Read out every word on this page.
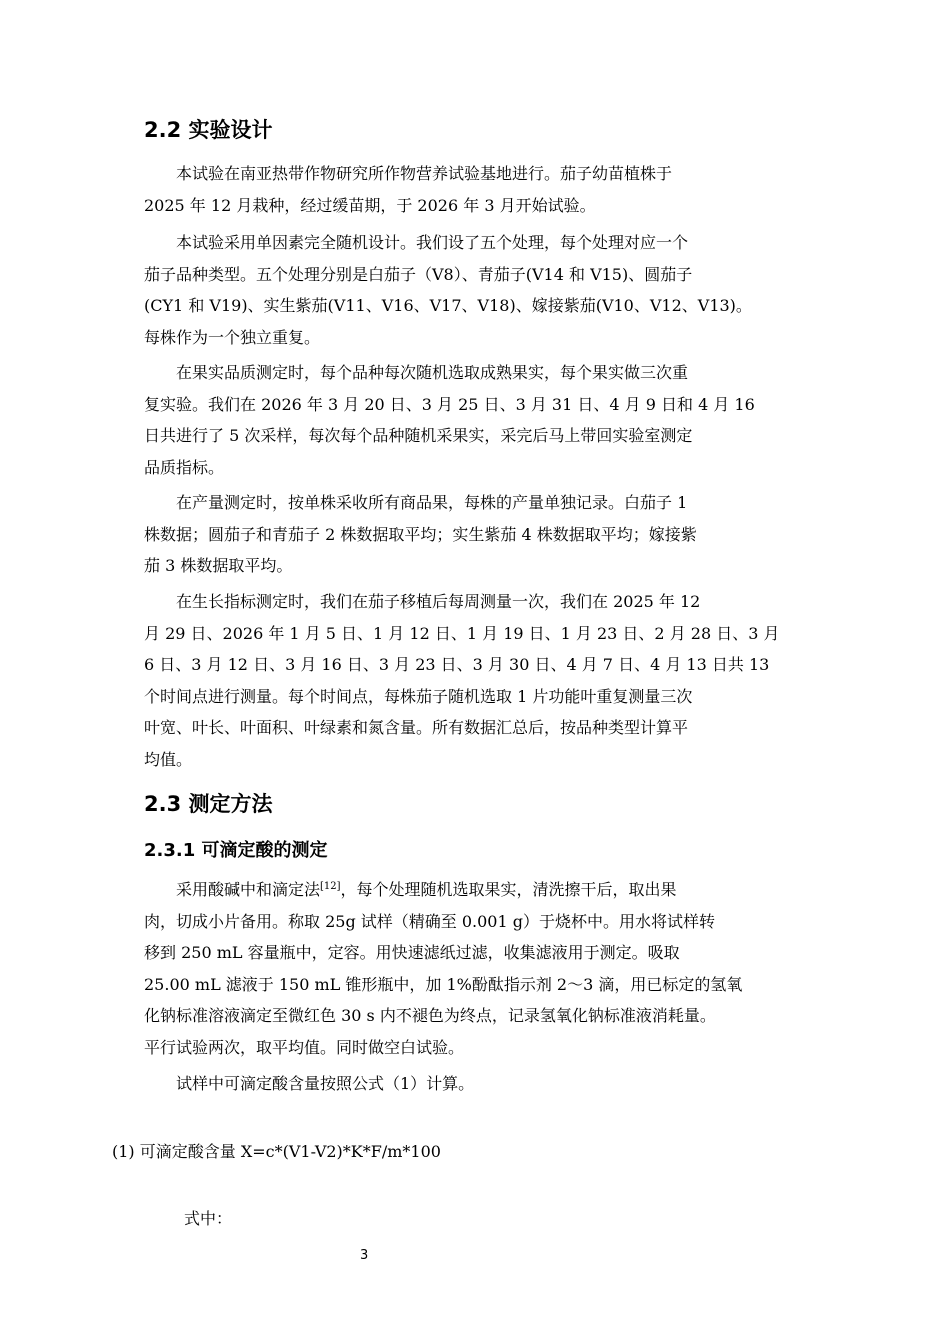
2.2 实验设计
　　本试验在南亚热带作物研究所作物营养试验基地进行。茄子幼苗植株于
2025 年 12 月栽种，经过缓苗期，于 2026 年 3 月开始试验。
　　本试验采用单因素完全随机设计。我们设了五个处理，每个处理对应一个
茄子品种类型。五个处理分别是白茄子（V8）、青茄子(V14 和 V15)、圆茄子
(CY1 和 V19)、实生紫茄(V11、V16、V17、V18)、嫁接紫茄(V10、V12、V13)。
每株作为一个独立重复。
　　在果实品质测定时，每个品种每次随机选取成熟果实，每个果实做三次重
复实验。我们在 2026 年 3 月 20 日、3 月 25 日、3 月 31 日、4 月 9 日和 4 月 16
日共进行了 5 次采样，每次每个品种随机采果实，采完后马上带回实验室测定
品质指标。
　　在产量测定时，按单株采收所有商品果，每株的产量单独记录。白茄子 1
株数据；圆茄子和青茄子 2 株数据取平均；实生紫茄 4 株数据取平均；嫁接紫
茄 3 株数据取平均。
　　在生长指标测定时，我们在茄子移植后每周测量一次，我们在 2025 年 12
月 29 日、2026 年 1 月 5 日、1 月 12 日、1 月 19 日、1 月 23 日、2 月 28 日、3 月
6 日、3 月 12 日、3 月 16 日、3 月 23 日、3 月 30 日、4 月 7 日、4 月 13 日共 13
个时间点进行测量。每个时间点，每株茄子随机选取 1 片功能叶重复测量三次
叶宽、叶长、叶面积、叶绿素和氮含量。所有数据汇总后，按品种类型计算平
均值。
2.3 测定方法
2.3.1 可滴定酸的测定
　　采用酸碱中和滴定法[12]，每个处理随机选取果实，清洗擦干后，取出果
肉，切成小片备用。称取 25g 试样（精确至 0.001 g）于烧杯中。用水将试样转
移到 250 mL 容量瓶中，定容。用快速滤纸过滤，收集滤液用于测定。吸取
25.00 mL 滤液于 150 mL 锥形瓶中，加 1%酚酞指示剂 2～3 滴，用已标定的氢氧
化钠标准溶液滴定至微红色 30 s 内不褪色为终点，记录氢氧化钠标准液消耗量。
平行试验两次，取平均值。同时做空白试验。
　　试样中可滴定酸含量按照公式（1）计算。

(1) 可滴定酸含量 X=c*(V1-V2)*K*F/m*100

式中：

3
